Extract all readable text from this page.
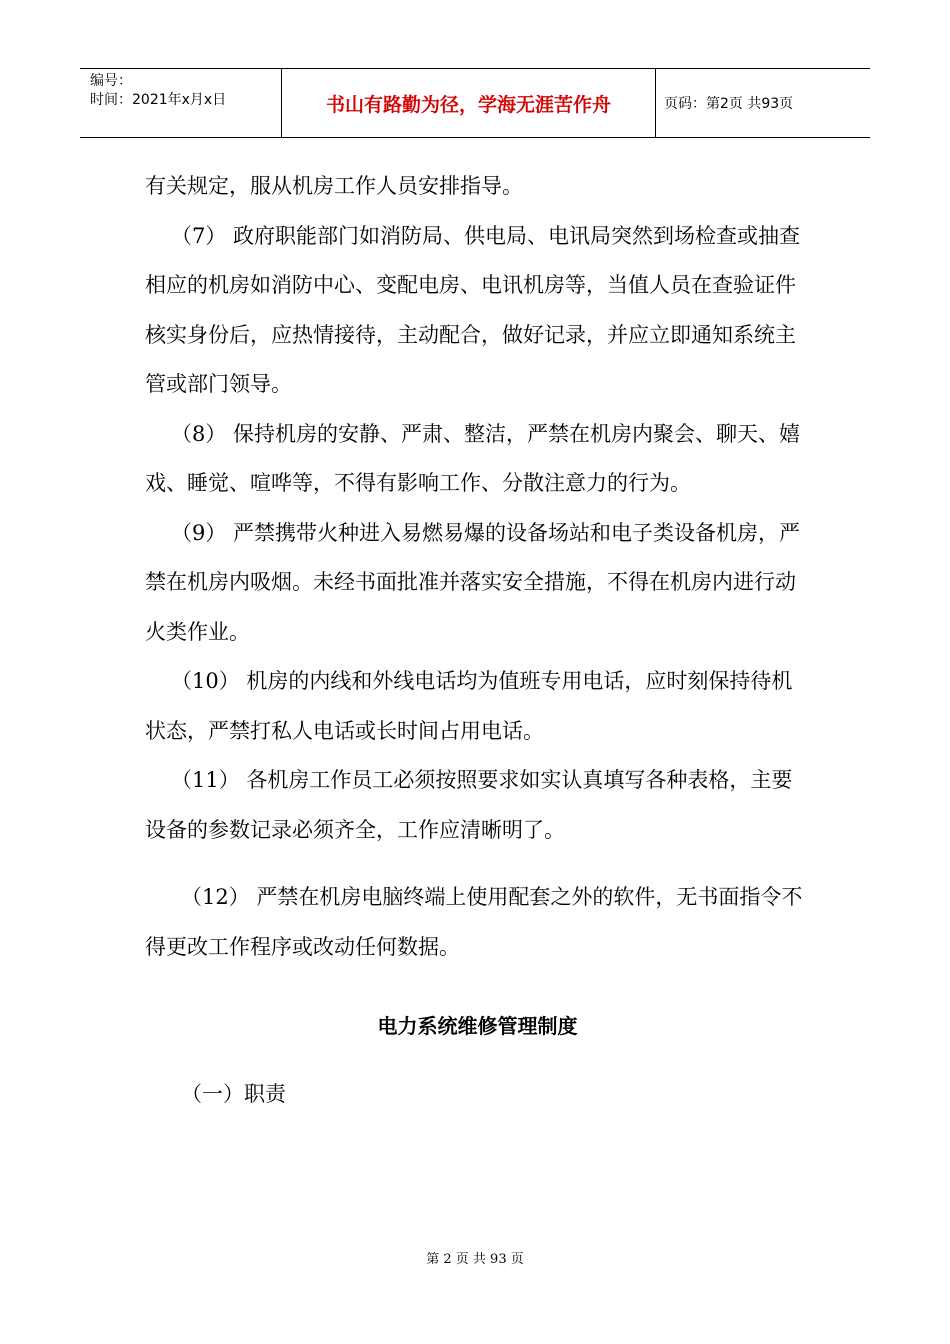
编号：
时间：2021年x月x日	书山有路勤为径，学海无涯苦作舟	页码：第2页 共93页

有关规定，服从机房工作人员安排指导。

（7） 政府职能部门如消防局、供电局、电讯局突然到场检查或抽查相应的机房如消防中心、变配电房、电讯机房等，当值人员在查验证件核实身份后，应热情接待，主动配合，做好记录，并应立即通知系统主管或部门领导。

（8） 保持机房的安静、严肃、整洁，严禁在机房内聚会、聊天、嬉戏、睡觉、喧哗等，不得有影响工作、分散注意力的行为。

（9） 严禁携带火种进入易燃易爆的设备场站和电子类设备机房，严禁在机房内吸烟。未经书面批准并落实安全措施，不得在机房内进行动火类作业。

（10） 机房的内线和外线电话均为值班专用电话，应时刻保持待机状态，严禁打私人电话或长时间占用电话。

（11） 各机房工作员工必须按照要求如实认真填写各种表格，主要设备的参数记录必须齐全，工作应清晰明了。

（12） 严禁在机房电脑终端上使用配套之外的软件，无书面指令不得更改工作程序或改动任何数据。

电力系统维修管理制度

（一）职责

第 2 页 共 93 页
